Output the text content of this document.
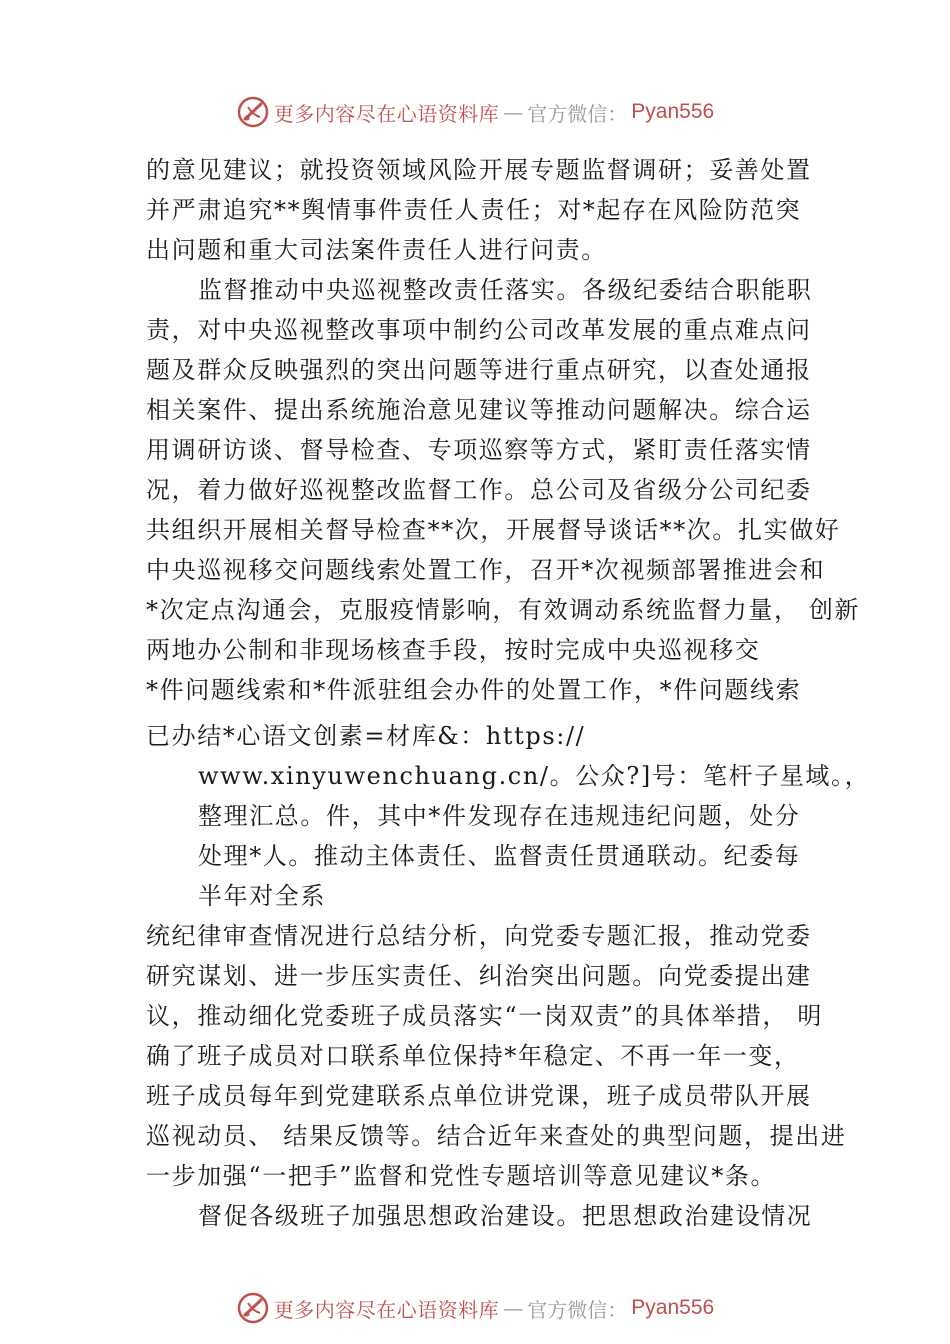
更多内容尽在心语资料库 — 官方微信： Pyan556
的意见建议；就投资领域风险开展专题监督调研；妥善处置
并严肃追究**舆情事件责任人责任；对*起存在风险防范突
出问题和重大司法案件责任人进行问责。
监督推动中央巡视整改责任落实。各级纪委结合职能职
责，对中央巡视整改事项中制约公司改革发展的重点难点问
题及群众反映强烈的突出问题等进行重点研究，以查处通报
相关案件、提出系统施治意见建议等推动问题解决。综合运
用调研访谈、督导检查、专项巡察等方式，紧盯责任落实情
况，着力做好巡视整改监督工作。总公司及省级分公司纪委
共组织开展相关督导检查**次，开展督导谈话**次。扎实做好
中央巡视移交问题线索处置工作，召开*次视频部署推进会和
*次定点沟通会，克服疫情影响，有效调动系统监督力量， 创新
两地办公制和非现场核查手段，按时完成中央巡视移交
*件问题线索和*件派驻组会办件的处置工作，*件问题线索
已办结*心语文创素=材库&：https://
www.xinyuwenchuang.cn/。公众?]号：笔杆子星域。，
整理汇总。件，其中*件发现存在违规违纪问题，处分
处理*人。推动主体责任、监督责任贯通联动。纪委每
半年对全系
统纪律审查情况进行总结分析，向党委专题汇报，推动党委
研究谋划、进一步压实责任、纠治突出问题。向党委提出建
议，推动细化党委班子成员落实“一岗双责”的具体举措， 明
确了班子成员对口联系单位保持*年稳定、不再一年一变，
班子成员每年到党建联系点单位讲党课，班子成员带队开展
巡视动员、 结果反馈等。结合近年来查处的典型问题，提出进
一步加强“一把手”监督和党性专题培训等意见建议*条。
督促各级班子加强思想政治建设。把思想政治建设情况
更多内容尽在心语资料库 — 官方微信： Pyan556
